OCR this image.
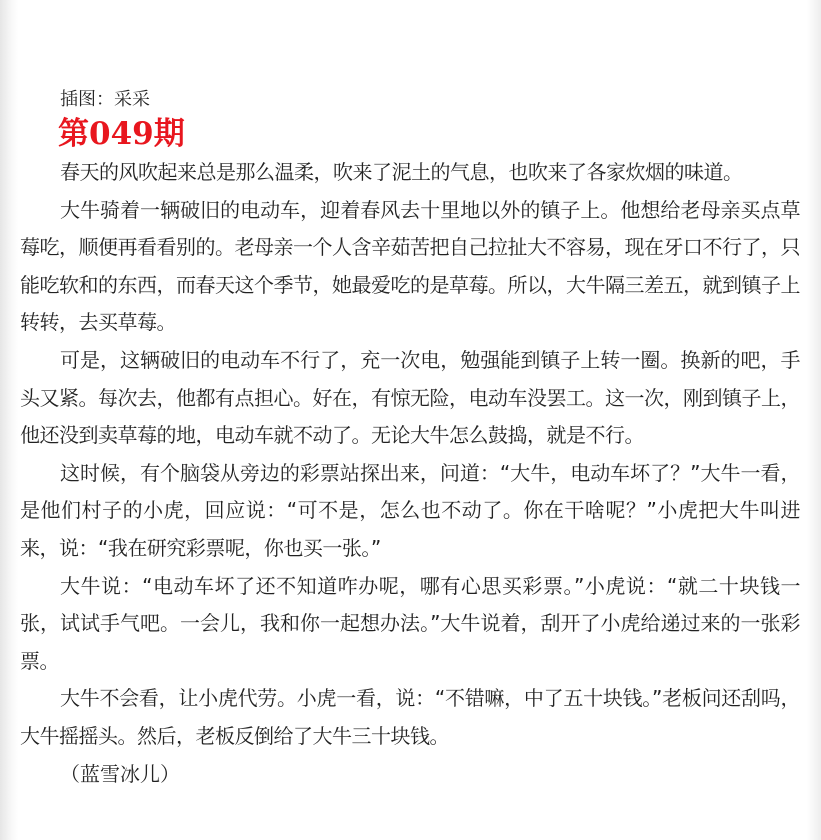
插图：采采

第049期

春天的风吹起来总是那么温柔，吹来了泥土的气息，也吹来了各家炊烟的味道。

大牛骑着一辆破旧的电动车，迎着春风去十里地以外的镇子上。他想给老母亲买点草莓吃，顺便再看看别的。老母亲一个人含辛茹苦把自己拉扯大不容易，现在牙口不行了，只能吃软和的东西，而春天这个季节，她最爱吃的是草莓。所以，大牛隔三差五，就到镇子上转转，去买草莓。

可是，这辆破旧的电动车不行了，充一次电，勉强能到镇子上转一圈。换新的吧，手头又紧。每次去，他都有点担心。好在，有惊无险，电动车没罢工。这一次，刚到镇子上，他还没到卖草莓的地，电动车就不动了。无论大牛怎么鼓捣，就是不行。

这时候，有个脑袋从旁边的彩票站探出来，问道：“大牛，电动车坏了？”大牛一看，是他们村子的小虎，回应说：“可不是，怎么也不动了。你在干啥呢？”小虎把大牛叫进来，说：“我在研究彩票呢，你也买一张。”

大牛说：“电动车坏了还不知道咋办呢，哪有心思买彩票。”小虎说：“就二十块钱一张，试试手气吧。一会儿，我和你一起想办法。”大牛说着，刮开了小虎给递过来的一张彩票。

大牛不会看，让小虎代劳。小虎一看，说：“不错嘛，中了五十块钱。”老板问还刮吗，大牛摇摇头。然后，老板反倒给了大牛三十块钱。

（蓝雪冰儿）
